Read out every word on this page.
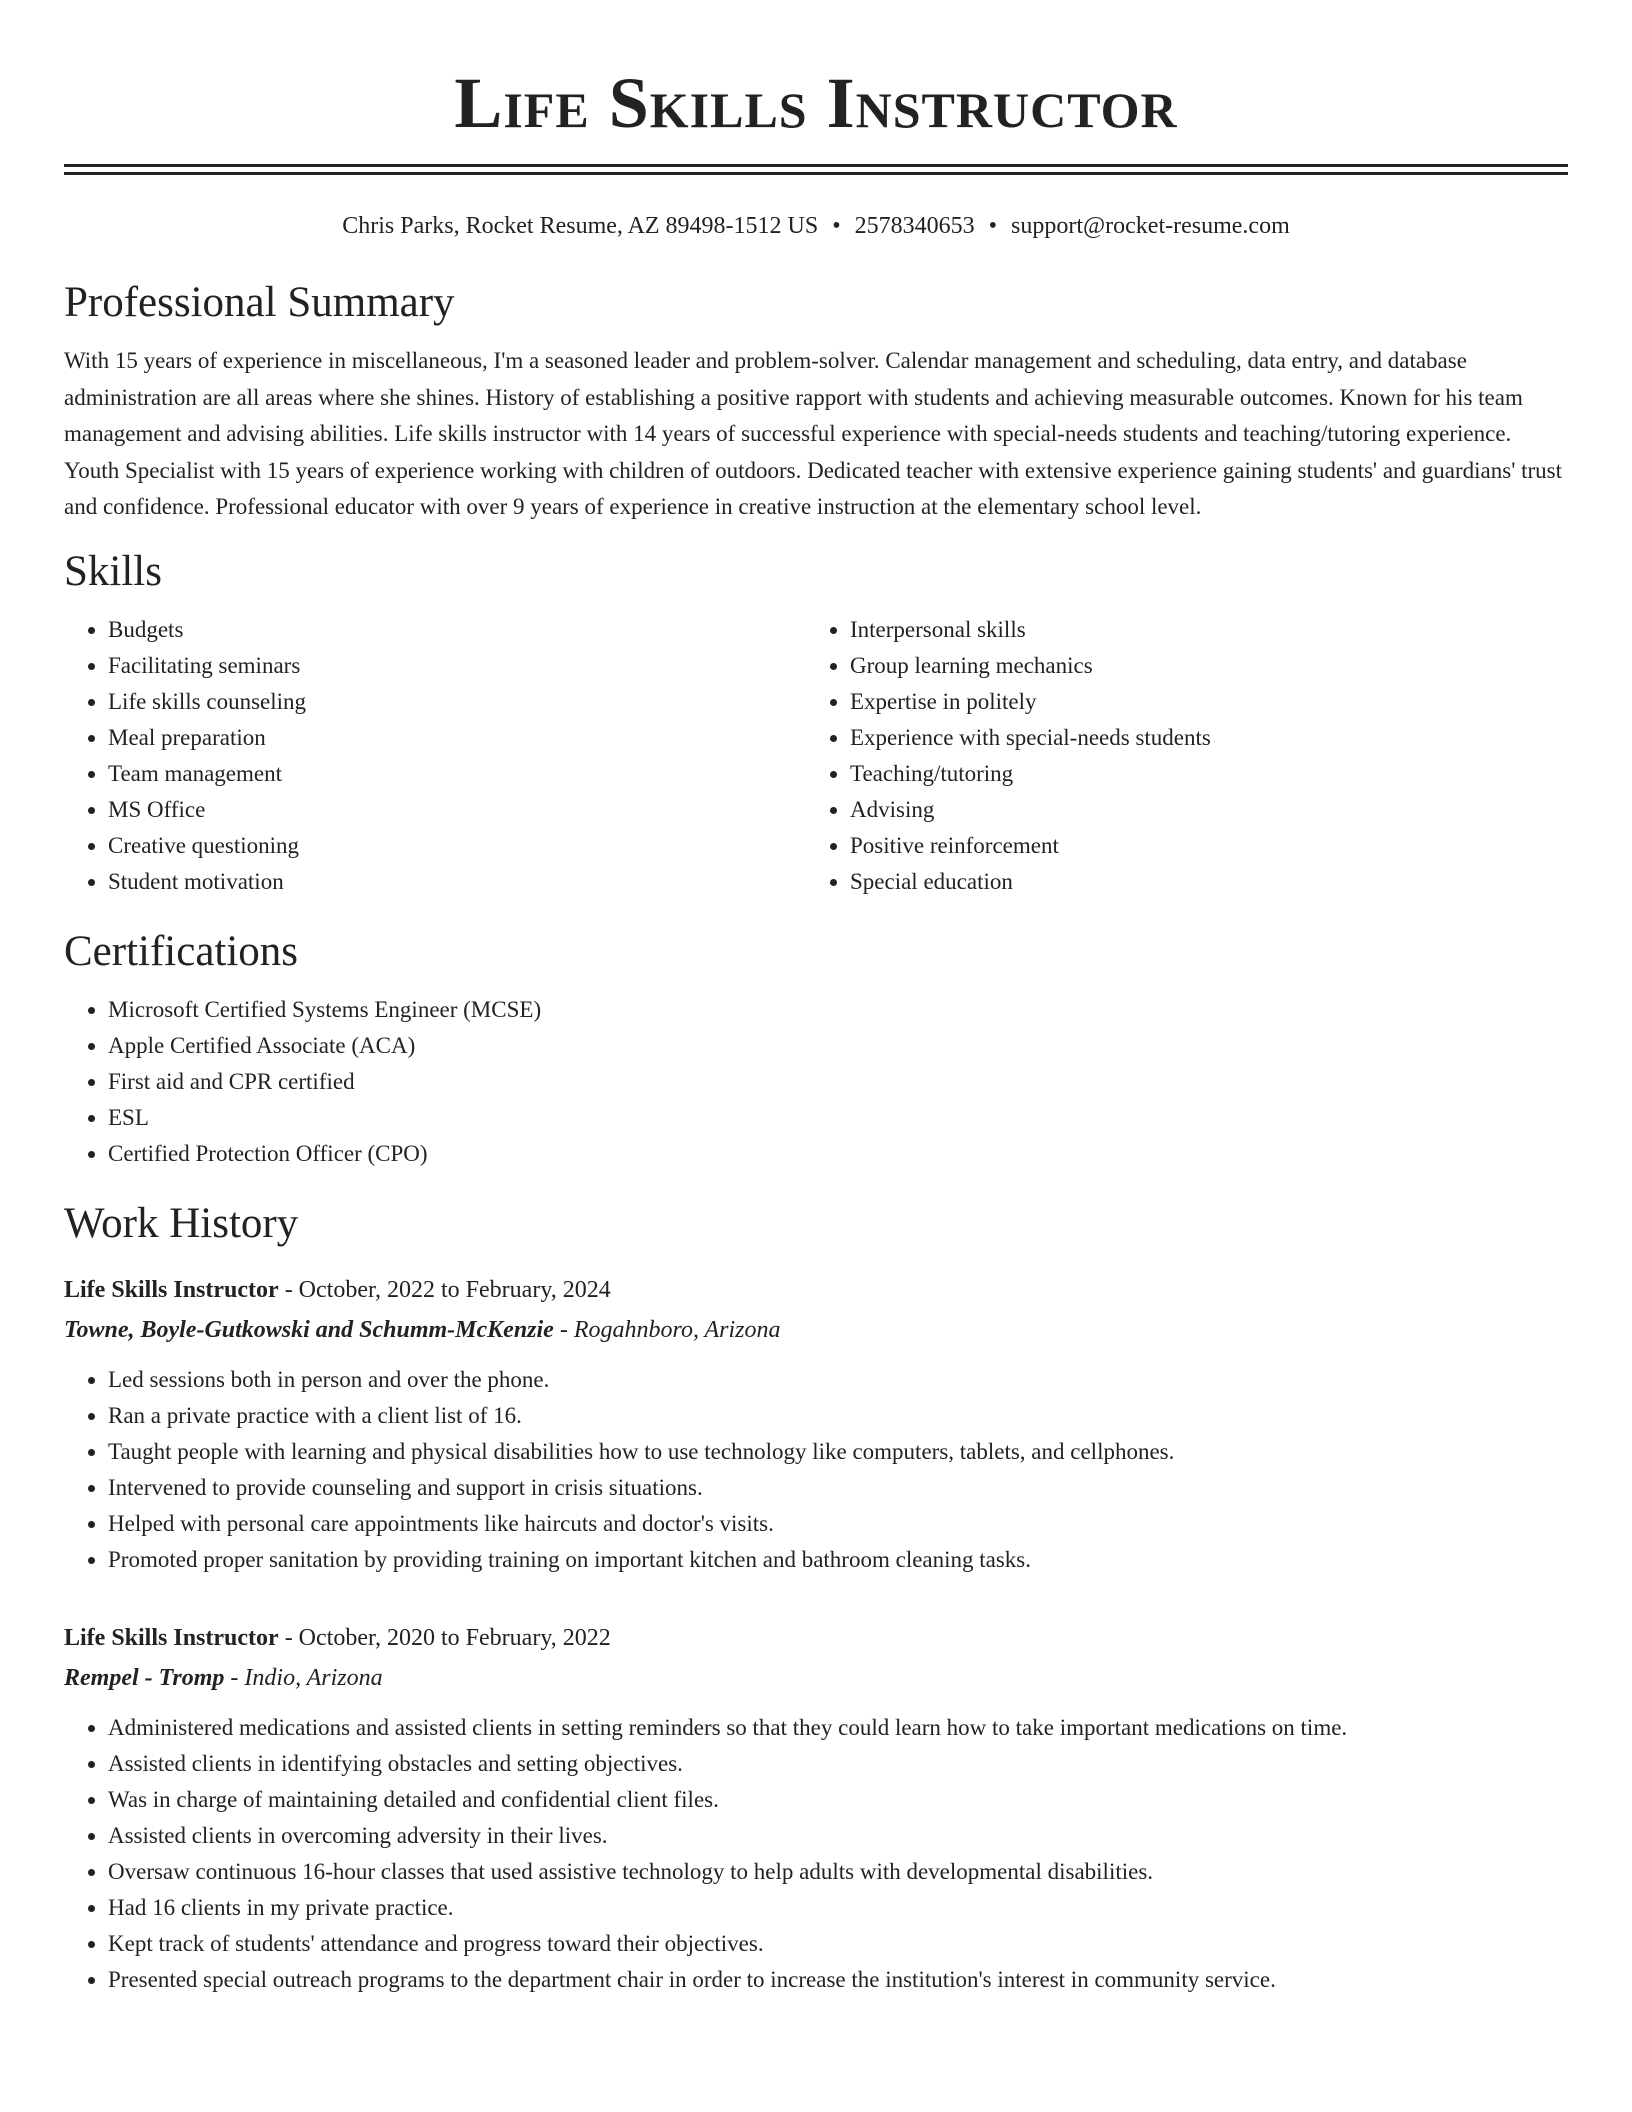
Life Skills Instructor
Chris Parks, Rocket Resume, AZ 89498-1512 US • 2578340653 • support@rocket-resume.com
Professional Summary

With 15 years of experience in miscellaneous, I'm a seasoned leader and problem-solver. Calendar management and scheduling, data entry, and database administration are all areas where she shines. History of establishing a positive rapport with students and achieving measurable outcomes. Known for his team management and advising abilities. Life skills instructor with 14 years of successful experience with special-needs students and teaching/tutoring experience. Youth Specialist with 15 years of experience working with children of outdoors. Dedicated teacher with extensive experience gaining students' and guardians' trust and confidence. Professional educator with over 9 years of experience in creative instruction at the elementary school level.

Skills
• Budgets
• Facilitating seminars
• Life skills counseling
• Meal preparation
• Team management
• MS Office
• Creative questioning
• Student motivation
• Interpersonal skills
• Group learning mechanics
• Expertise in politely
• Experience with special-needs students
• Teaching/tutoring
• Advising
• Positive reinforcement
• Special education
Certifications
• Microsoft Certified Systems Engineer (MCSE)
• Apple Certified Associate (ACA)
• First aid and CPR certified
• ESL
• Certified Protection Officer (CPO)
Work History
Life Skills Instructor - October, 2022 to February, 2024
Towne, Boyle-Gutkowski and Schumm-McKenzie - Rogahnboro, Arizona
• Led sessions both in person and over the phone.
• Ran a private practice with a client list of 16.
• Taught people with learning and physical disabilities how to use technology like computers, tablets, and cellphones.
• Intervened to provide counseling and support in crisis situations.
• Helped with personal care appointments like haircuts and doctor's visits.
• Promoted proper sanitation by providing training on important kitchen and bathroom cleaning tasks.
Life Skills Instructor - October, 2020 to February, 2022
Rempel - Tromp - Indio, Arizona
• Administered medications and assisted clients in setting reminders so that they could learn how to take important medications on time.
• Assisted clients in identifying obstacles and setting objectives.
• Was in charge of maintaining detailed and confidential client files.
• Assisted clients in overcoming adversity in their lives.
• Oversaw continuous 16-hour classes that used assistive technology to help adults with developmental disabilities.
• Had 16 clients in my private practice.
• Kept track of students' attendance and progress toward their objectives.
• Presented special outreach programs to the department chair in order to increase the institution's interest in community service.
